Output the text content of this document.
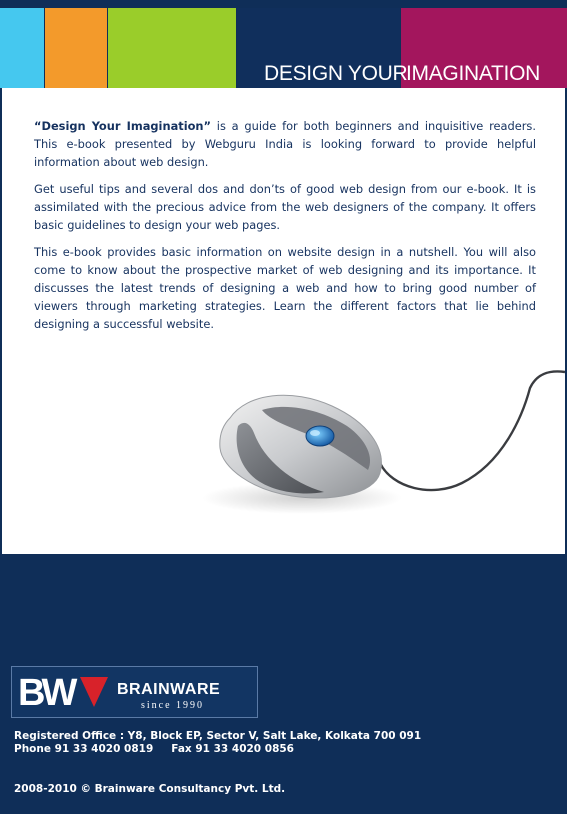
DESIGN YOUR
IMAGINATION

“Design Your Imagination” is a guide for both beginners and inquisitive readers. This e-book presented by Webguru India is looking forward to provide helpful information about web design.

Get useful tips and several dos and don’ts of good web design from our e-book. It is assimilated with the precious advice from the web designers of the company. It offers basic guidelines to design your web pages.

This e-book provides basic information on website design in a nutshell. You will also come to know about the prospective market of web designing and its importance. It discusses the latest trends of designing a web and how to bring good number of viewers through marketing strategies. Learn the different factors that lie behind designing a successful website.

BW	BRAINWARE
since 1990
Registered Office : Y8, Block EP, Sector V, Salt Lake, Kolkata 700 091
Phone 91 33 4020 0819 Fax 91 33 4020 0856
2008-2010 © Brainware Consultancy Pvt. Ltd.
